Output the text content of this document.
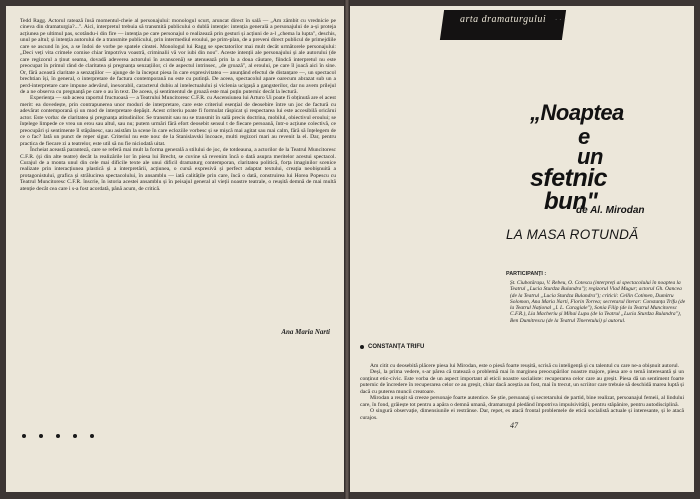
Tedd Ragg. Actorul ratează însă momentul-cheie al personajului: monologul scurt, aruncat direct în sală — „Am zâmbit cu vrednicie pe cineva din dramaturgia?...". Aici, interpretul trebuia să transmită publicului o dublă intenție: intenția generală a personajului de a-și proteja acțiunea pe ultimul pas, scotându-i din fire — intenția pe care personajul o realizează prin gesturi și acțiuni de a-l „chema la lupta", deschis, unul pe altul; și intenția autorului de a transmite publicului, prin intermediul eroului, pe prim-plan, de a preveni direct publicul de primejdiile care se ascund în jos, a se îndoi de vorbe pe spatele cinstei. Monologul lui Ragg se spectatorilor mai mult decât următorele personajului: „Deci veți vita crimele comise chiar împotriva voastră, criminalii vă vor iubi din nou". Aceste intenții ale personajului și ale autorului (de care regizorul a ținut seama, dovadă adeverea actorului în avanscenă) se atenuează prin la a doua căutare, fiindcă interpretul nu este preocupat în primul rând de claritatea și pregnanța senzațiilor, ci de aspectul intrinsec, „de groază", al eroului, pe care îl joacă aici în sine. Or, fără această claritate a senzațiilor — ajunge de la început piesa în care expresivitatea — anunțând efectul de distanțare —, un spectacol brechtian își, în general, o interpretare de factura contemporană nu este cu putință. De aceea, spectacolul apare oarecum abrazat sub un a perd-interpretare care impune adevărul, inexorabil, caracterul dubiu al intelectualului și viclenia ucigașă a gangsterilor, dar nu avem prilejul de a ne observa cu pregnanță pe care o au în text. De aceea, și sentimentul de groază este mai puțin puternic decât la lectură.

Experiența — sub aceea raportul fructuoasă — a Teatrului Muncitoresc C.F.R. cu Ascensiunea lui Arturo Ui poate fi obținută are el acest merit: ea dovedește, prin contrapunerea unor moduri de interpretare, care este criteriul esențial de deosebire între un joc de factură cu adevărat contemporană și un mod de interpretare depășit. Acest criteriu poate fi formulat răspicat și respectarea lui este accesibilă oricărui actor. Este vorba: de claritatea și pregnanța atitudinilor. Se transmit sau nu se transmit în sală precis doctrina, mobilul, obiectivul eroului; se înțelege limpede ce vrea un erou sau altul, sau nu; putem urmări fără efort deosebit sensul t de fiecare persoană, într-o acțiune colectivă, ce preocupări și sentimente îl stăpânesc, sau asistăm la scene în care ecloziile vorbesc și se mișcă mai agitat sau mai calm, fără să înțelegem de ce o fac? Iată un punct de reper sigur. Criteriul nu este nou: de la Stanislavski încoace, multi regizori mari au revenit la el. Dar, pentru practica de fiecare zi a teatrelor, este util să nu fie niciodată uitat.

Încheiat această paranteză, care se referă mai mult la forma generală a stilului de joc, de totdeauna, a actorilor de la Teatrul Muncitoresc C.F.R. (și din alte teatre) decât la realizările lor în piesa lui Brecht, se cuvine să revenim încă o dată asupra meritelor acestui spectacol. Curajul de a monta unul din cele mai dificile texte ale unui dificil dramaturg contemporan, claritatea politică, forța imaginilor scenice realizate prin interacțiunea plastică și a interpretării, acțiunea, o cursă expresivă și perfect adaptat textului, creația neobișnuită a protagonistului, grafica și strălucirea spectacolului, în ansamblu — iată calitățile prin care, încă o dată, construirea lui Horea Popescu cu Teatrul Muncitoresc C.F.R. înscrie, în istoria acestei ansamblu și în peisajul general al vieții noastre teatrale, o reușită demnă de mai multă atenție decât cea care i s-a fost acordată, până acum, de critică.

Ana Maria Narti
arta dramaturgului ...
„Noaptea
e
un
sfetnic
bun"
de Al. Mirodan
LA MASA ROTUNDĂ
PARTICIPANȚI :
Șt. Ciubotărașu, V. Rebeu, O. Cotescu (interpreți ai spectacolului în noaptea la Teatrul „Lucia Sturdza Bulandra"); regizorul Vlad Mugur; actorul Gh. Oancea (de la Teatrul „Lucia Sturdza Bulandra"); criticii: Cellin Cotimen, Dumitru Solomon, Ana Maria Narti, Florin Torrea; secretarul literar: Constanța Trifu (de la Teatrul Național „I. L. Caragiale"), Sonia Filip (de la Teatrul Muncitoresc C.F.R.), Lia Macheriu și Mihai Lupu (de la Teatrul „Lucia Sturdza Bulandra"), Ben Dumitrescu (de la Teatrul Tineretului) și autorul.
CONSTANȚA TRIFU

Am citit cu deosebită plăcere piesa lui Mirodan, este o piesă foarte reușită, scrisă cu inteligență și cu talentul cu care ne-a obișnuit autorul.

Deși, la prima vedere, s-ar părea că tratează o problemă mai în marginea preocupărilor noastre majore, piesa are o temă interesantă și un conținut etic-civic. Este vorba de un aspect important al eticii noastre socialiste: recuperarea celor care au greșit. Piesa dă un sentiment foarte puternic de încredere în recuperarea celor ce au greșit, chiar dacă aceștia au fost, mai în trecut, un scriitor care trebuie să deschidă marea luptă și dacă cu puterea muncii creatoare.

Mirodan a reușit să creeze personaje foarte autentice. Se știe, persoanaj și secretarului de partid, bine realizat, persoanajul femeii, al lindului care, în fond, grăiește tot pentru a apăra o demnă umană, dramaturgul pledând împotriva impulsivității, pentru stăpânire, pentru autodisciplină.

O singură observație, dimensiunile ei restrânse. Dar, repet, es atacă frontal problemele de etică socialistă actuale și interesante, și le atacă curajos.

47
